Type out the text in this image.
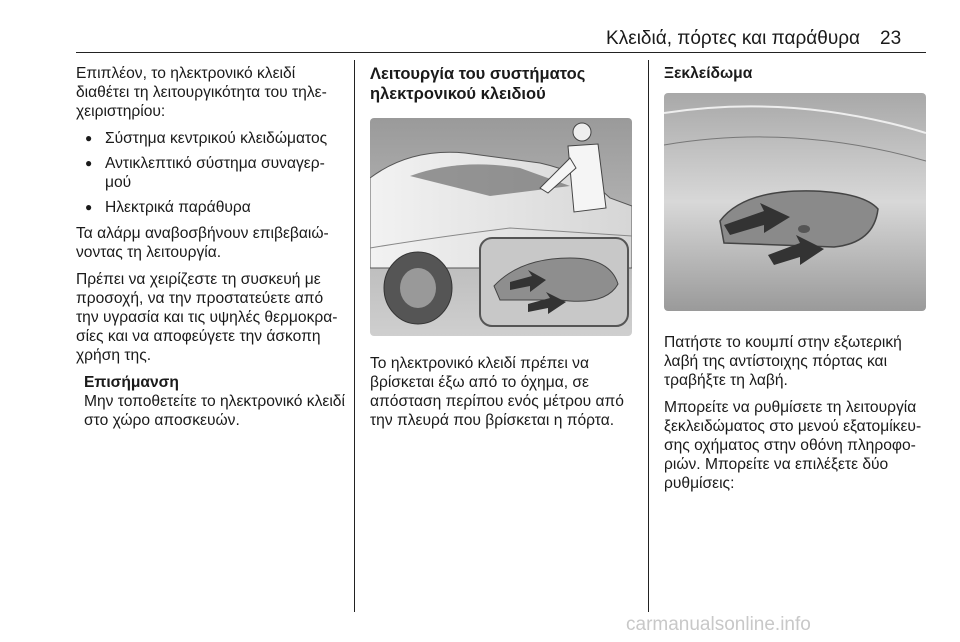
Κλειδιά, πόρτες και παράθυρα 23

Επιπλέον, το ηλεκτρονικό κλειδί διαθέτει τη λειτουργικότητα του τηλε-χειριστηρίου:

● Σύστημα κεντρικού κλειδώματος
● Αντικλεπτικό σύστημα συναγερ-μού
● Ηλεκτρικά παράθυρα

Τα αλάρμ αναβοσβήνουν επιβεβαιώ-νοντας τη λειτουργία.

Πρέπει να χειρίζεστε τη συσκευή με προσοχή, να την προστατεύετε από την υγρασία και τις υψηλές θερμοκρα-σίες και να αποφεύγετε την άσκοπη χρήση της.

Επισήμανση
Μην τοποθετείτε το ηλεκτρονικό κλειδί στο χώρο αποσκευών.
Λειτουργία του συστήματος ηλεκτρονικού κλειδιού

Το ηλεκτρονικό κλειδί πρέπει να βρίσκεται έξω από το όχημα, σε απόσταση περίπου ενός μέτρου από την πλευρά που βρίσκεται η πόρτα.

Ξεκλείδωμα

Πατήστε το κουμπί στην εξωτερική λαβή της αντίστοιχης πόρτας και τραβήξτε τη λαβή.

Μπορείτε να ρυθμίσετε τη λειτουργία ξεκλειδώματος στο μενού εξατομίκευ-σης οχήματος στην οθόνη πληροφο-ριών. Μπορείτε να επιλέξετε δύο ρυθμίσεις:

carmanualsonline.info
